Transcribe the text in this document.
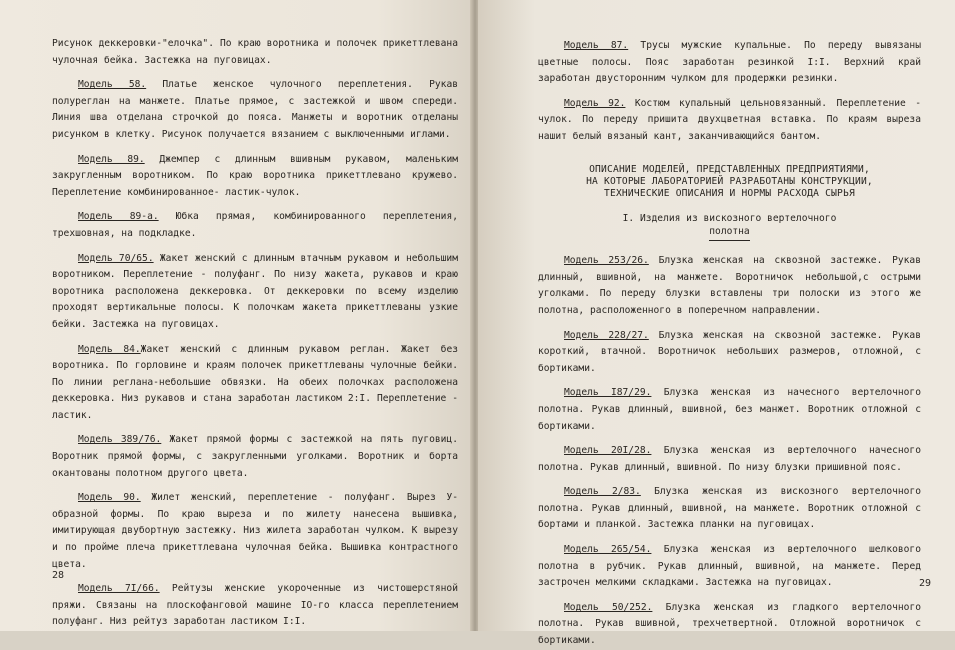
Рисунок деккеровки-"елочка". По краю воротника и полочек прикеттлевана чулочная бейка. Застежка на пуговицах.

Модель 58. Платье женское чулочного переплетения. Рукав полуреглан на манжете. Платье прямое, с застежкой и швом спереди. Линия шва отделана строчкой до пояса. Манжеты и воротник отделаны рисунком в клетку. Рисунок получается вязанием с выключенными иглами.

Модель 89. Джемпер с длинным вшивным рукавом, маленьким закругленным воротником. По краю воротника прикеттлевано кружево. Переплетение комбинированное- ластик-чулок.

Модель 89-а. Юбка прямая, комбинированного переплетения, трехшовная, на подкладке.

Модель 70/65. Жакет женский с длинным втачным рукавом и небольшим воротником. Переплетение - полуфанг. По низу жакета, рукавов и краю воротника расположена деккеровка. От деккеровки по всему изделию проходят вертикальные полосы. К полочкам жакета прикеттлеваны узкие бейки. Застежка на пуговицах.

Модель 84.Жакет женский с длинным рукавом реглан. Жакет без воротника. По горловине и краям полочек прикеттлеваны чулочные бейки. По линии реглана-небольшие обвязки. На обеих полочках расположена деккеровка. Низ рукавов и стана заработан ластиком 2:I. Переплетение - ластик.

Модель 389/76. Жакет прямой формы с застежкой на пять пуговиц. Воротник прямой формы, с закругленными уголками. Воротник и борта окантованы полотном другого цвета.

Модель 90. Жилет женский, переплетение - полуфанг. Вырез У-образной формы. По краю выреза и по жилету нанесена вышивка, имитирующая двубортную застежку. Низ жилета заработан чулком. К вырезу и по пройме плеча прикеттлевана чулочная бейка. Вышивка контрастного цвета.

Модель 7I/66. Рейтузы женские укороченные из чистошерстяной пряжи. Связаны на плоскофанговой машине IO-го класса переплетением полуфанг. Низ рейтуз заработан ластиком I:I.

28

Модель 87. Трусы мужские купальные. По переду вывязаны цветные полосы. Пояс заработан резинкой I:I. Верхний край заработан двусторонним чулком для продержки резинки.

Модель 92. Костюм купальный цельновязанный. Переплетение - чулок. По переду пришита двухцветная вставка. По краям выреза нашит белый вязаный кант, заканчивающийся бантом.

ОПИСАНИЕ МОДЕЛЕЙ, ПРЕДСТАВЛЕННЫХ ПРЕДПРИЯТИЯМИ,
НА КОТОРЫЕ ЛАБОРАТОРИЕЙ РАЗРАБОТАНЫ КОНСТРУКЦИИ,
ТЕХНИЧЕСКИЕ ОПИСАНИЯ И НОРМЫ РАСХОДА СЫРЬЯ
I. Изделия из вискозного вертелочного
полотна

Модель 253/26. Блузка женская на сквозной застежке. Рукав длинный, вшивной, на манжете. Воротничок небольшой,с острыми уголками. По переду блузки вставлены три полоски из этого же полотна, расположенного в поперечном направлении.

Модель 228/27. Блузка женская на сквозной застежке. Рукав короткий, втачной. Воротничок небольших размеров, отложной, с бортиками.

Модель I87/29. Блузка женская из начесного вертелочного полотна. Рукав длинный, вшивной, без манжет. Воротник отложной с бортиками.

Модель 20I/28. Блузка женская из вертелочного начесного полотна. Рукав длинный, вшивной. По низу блузки пришивной пояс.

Модель 2/83. Блузка женская из вискозного вертелочного полотна. Рукав длинный, вшивной, на манжете. Воротник отложной с бортами и планкой. Застежка планки на пуговицах.

Модель 265/54. Блузка женская из вертелочного шелкового полотна в рубчик. Рукав длинный, вшивной, на манжете. Перед застрочен мелкими складками. Застежка на пуговицах.

Модель 50/252. Блузка женская из гладкого вертелочного полотна. Рукав вшивной, трехчетвертной. Отложной воротничок с бортиками.

29
